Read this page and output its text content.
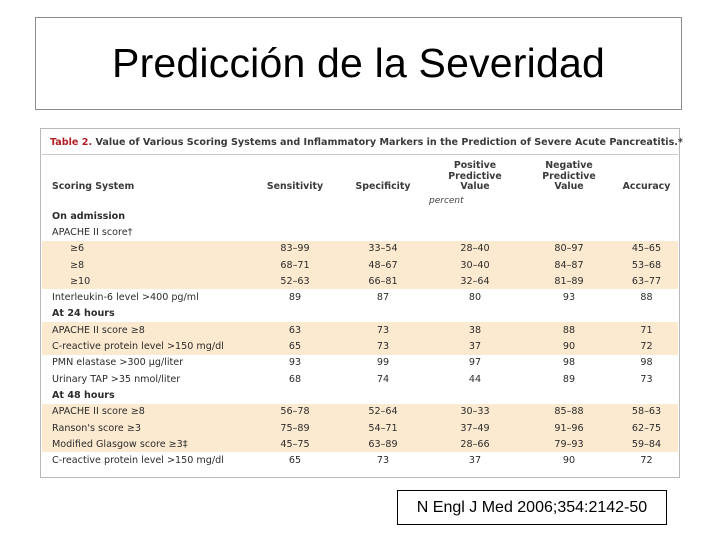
Predicción de la Severidad
Table 2. Value of Various Scoring Systems and Inflammatory Markers in the Prediction of Severe Acute Pancreatitis.*
Scoring System	Sensitivity	Specificity	Positive Predictive Value	Negative Predictive Value	Accuracy
			percent		
On admission					
APACHE II score†					
≥6	83–99	33–54	28–40	80–97	45–65
≥8	68–71	48–67	30–40	84–87	53–68
≥10	52–63	66–81	32–64	81–89	63–77
Interleukin-6 level >400 pg/ml	89	87	80	93	88
At 24 hours					
APACHE II score ≥8	63	73	38	88	71
C-reactive protein level >150 mg/dl	65	73	37	90	72
PMN elastase >300 µg/liter	93	99	97	98	98
Urinary TAP >35 nmol/liter	68	74	44	89	73
At 48 hours					
APACHE II score ≥8	56–78	52–64	30–33	85–88	58–63
Ranson's score ≥3	75–89	54–71	37–49	91–96	62–75
Modified Glasgow score ≥3‡	45–75	63–89	28–66	79–93	59–84
C-reactive protein level >150 mg/dl	65	73	37	90	72
N Engl J Med 2006;354:2142-50
